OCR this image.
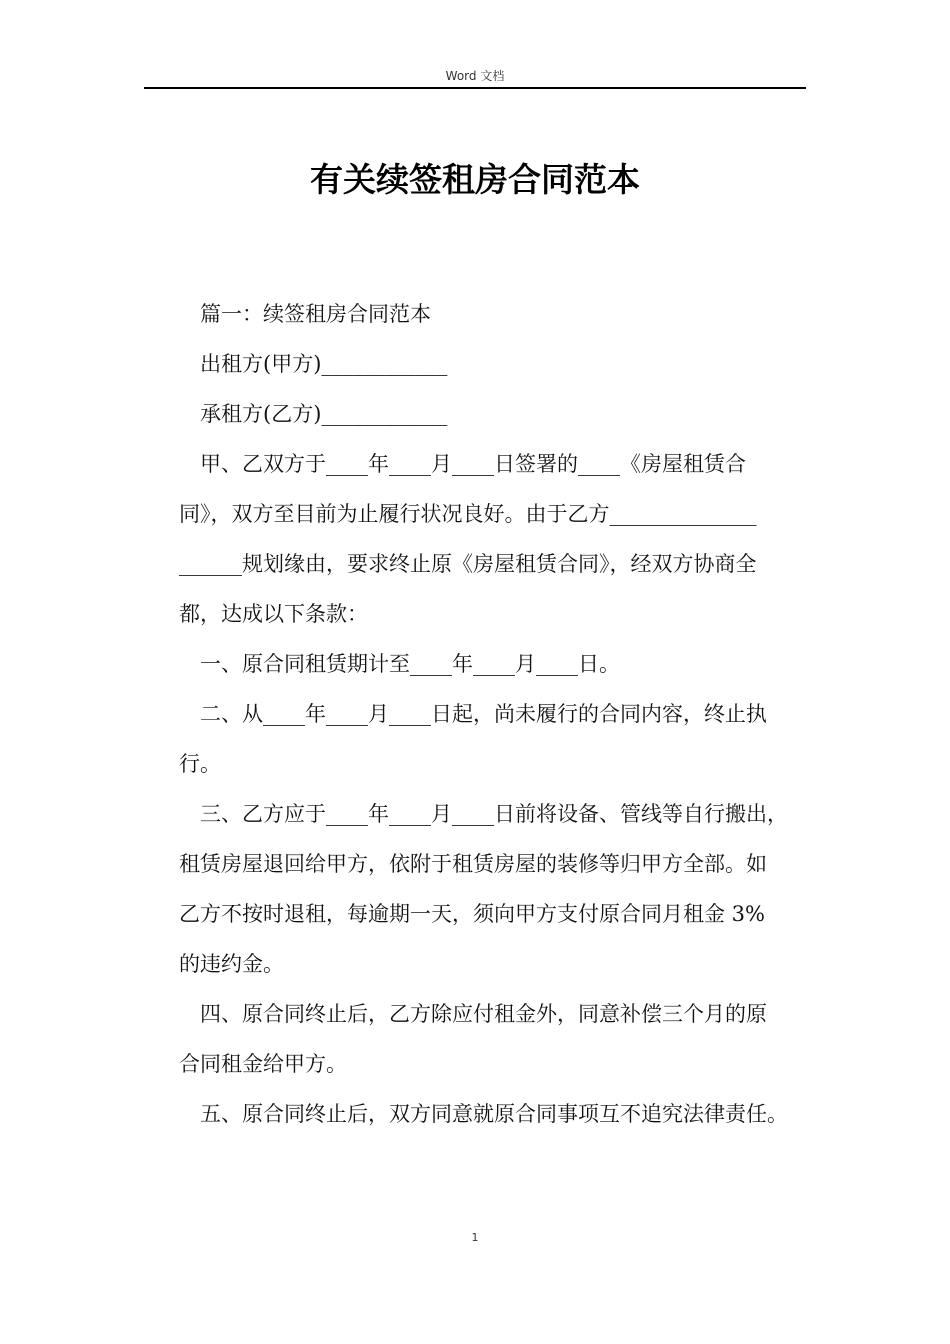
Word 文档
有关续签租房合同范本

篇一：续签租房合同范本

出租方(甲方)____________

承租方(乙方)____________

甲、乙双方于____年____月____日签署的____《房屋租赁合

同》，双方至目前为止履行状况良好。由于乙方______________

______规划缘由，要求终止原《房屋租赁合同》，经双方协商全

都，达成以下条款：

一、原合同租赁期计至____年____月____日。

二、从____年____月____日起，尚未履行的合同内容，终止执

行。

三、乙方应于____年____月____日前将设备、管线等自行搬出，

租赁房屋退回给甲方，依附于租赁房屋的装修等归甲方全部。如

乙方不按时退租，每逾期一天，须向甲方支付原合同月租金 3%

的违约金。

四、原合同终止后，乙方除应付租金外，同意补偿三个月的原

合同租金给甲方。

五、原合同终止后，双方同意就原合同事项互不追究法律责任。

1
